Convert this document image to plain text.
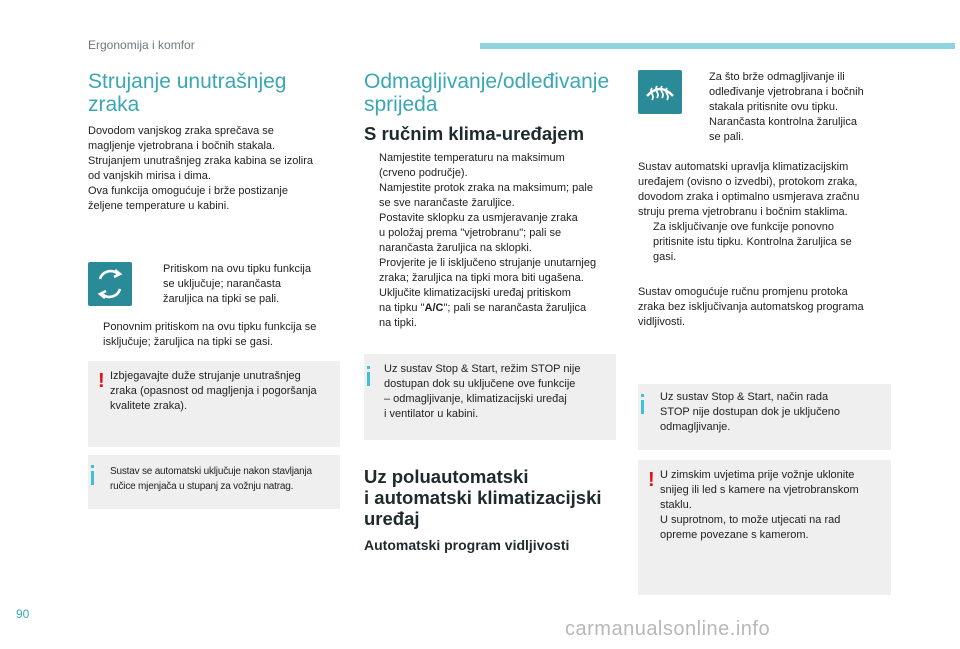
Ergonomija i komfor
Strujanje unutrašnjeg
zraka
Dovodom vanjskog zraka sprečava se
magljenje vjetrobrana i bočnih stakala.
Strujanjem unutrašnjeg zraka kabina se izolira
od vanjskih mirisa i dima.
Ova funkcija omogućuje i brže postizanje
željene temperature u kabini.
Pritiskom na ovu tipku funkcija
se uključuje; narančasta
žaruljica na tipki se pali.
Ponovnim pritiskom na ovu tipku funkcija se
isključuje; žaruljica na tipki se gasi.
! Izbjegavajte duže strujanje unutrašnjeg
zraka (opasnost od magljenja i pogoršanja
kvalitete zraka).
Sustav se automatski uključuje nakon stavljanja
ručice mjenjača u stupanj za vožnju natrag.
Odmagljivanje/odleđivanje
sprijeda
S ručnim klima-uređajem
Namjestite temperaturu na maksimum
(crveno područje).
Namjestite protok zraka na maksimum; pale
se sve narančaste žaruljice.
Postavite sklopku za usmjeravanje zraka
u položaj prema "vjetrobranu"; pali se
narančasta žaruljica na sklopki.
Provjerite je li isključeno strujanje unutarnjeg
zraka; žaruljica na tipki mora biti ugašena.
Uključite klimatizacijski uređaj pritiskom
na tipku "A/C"; pali se narančasta žaruljica
na tipki.
Uz sustav Stop & Start, režim STOP nije
dostupan dok su uključene ove funkcije
– odmagljivanje, klimatizacijski uređaj
i ventilator u kabini.
Uz poluautomatski
i automatski klimatizacijski
uređaj
Automatski program vidljivosti
Za što brže odmagljivanje ili
odleđivanje vjetrobrana i bočnih
stakala pritisnite ovu tipku.
Narančasta kontrolna žaruljica
se pali.
Sustav automatski upravlja klimatizacijskim
uređajem (ovisno o izvedbi), protokom zraka,
dovodom zraka i optimalno usmjerava zračnu
struju prema vjetrobranu i bočnim staklima.
Za isključivanje ove funkcije ponovno
pritisnite istu tipku. Kontrolna žaruljica se
gasi.
Sustav omogućuje ručnu promjenu protoka
zraka bez isključivanja automatskog programa
vidljivosti.
Uz sustav Stop & Start, način rada
STOP nije dostupan dok je uključeno
odmagljivanje.
! U zimskim uvjetima prije vožnje uklonite
snijeg ili led s kamere na vjetrobranskom
staklu.
U suprotnom, to može utjecati na rad
opreme povezane s kamerom.
90
carmanualsonline.info
